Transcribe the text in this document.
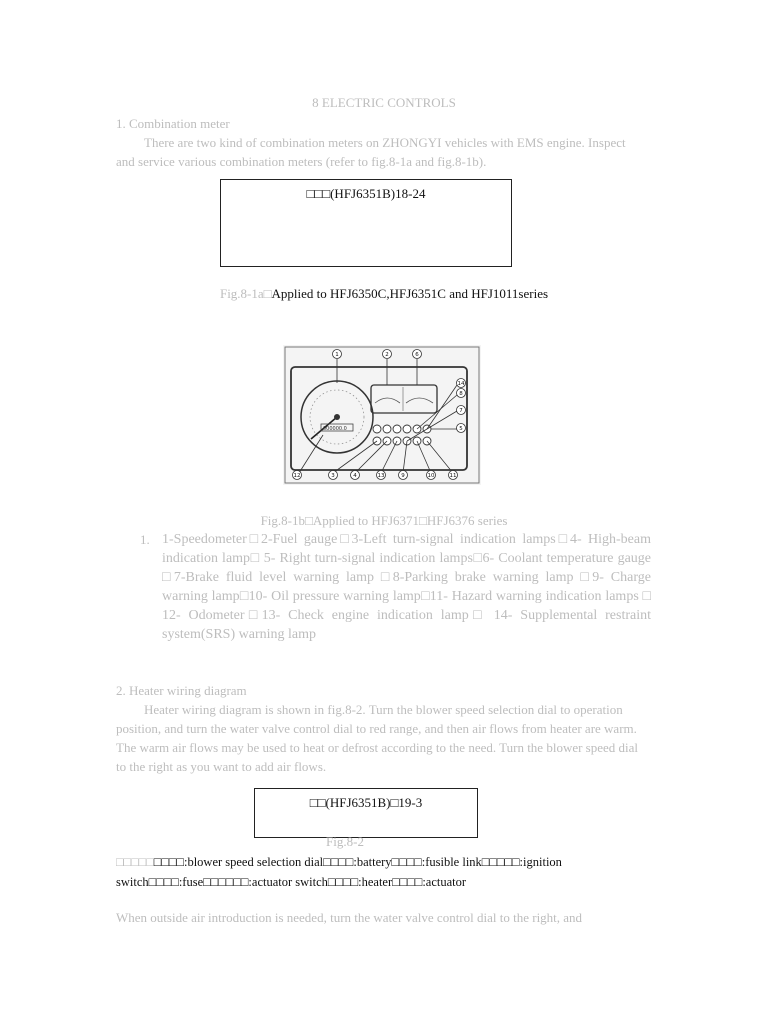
8 ELECTRIC CONTROLS
1. Combination meter
There are two kind of combination meters on ZHONGYI vehicles with EMS engine. Inspect and service various combination meters (refer to fig.8-1a and fig.8-1b).
□□□(HFJ6351B)18-24
Fig.8-1a□Applied to HFJ6350C,HFJ6351C and HFJ1011series
000000.0
1	2	6
14
8
7
5
12	3	4	13	9	10	11
Fig.8-1b□Applied to HFJ6371□HFJ6376 series
1. 1-Speedometer□2-Fuel gauge□3-Left turn-signal indication lamps□4- High-beam indication lamp□ 5- Right turn-signal indication lamps□6- Coolant temperature gauge □7-Brake fluid level warning lamp □8-Parking brake warning lamp □9- Charge warning lamp□10- Oil pressure warning lamp□11- Hazard warning indication lamps □ 12- Odometer□13- Check engine indication lamp□ 14- Supplemental restraint system(SRS) warning lamp
2. Heater wiring diagram
Heater wiring diagram is shown in fig.8-2. Turn the blower speed selection dial to operation position, and turn the water valve control dial to red range, and then air flows from heater are warm. The warm air flows may be used to heat or defrost according to the need. Turn the blower speed dial to the right as you want to add air flows.
□□(HFJ6351B)□19-3
Fig.8-2
□□□□□□□□□:blower speed selection dial□□□□:battery□□□□:fusible link□□□□□:ignition switch□□□□:fuse□□□□□□:actuator switch□□□□:heater□□□□:actuator
When outside air introduction is needed, turn the water valve control dial to the right, and
